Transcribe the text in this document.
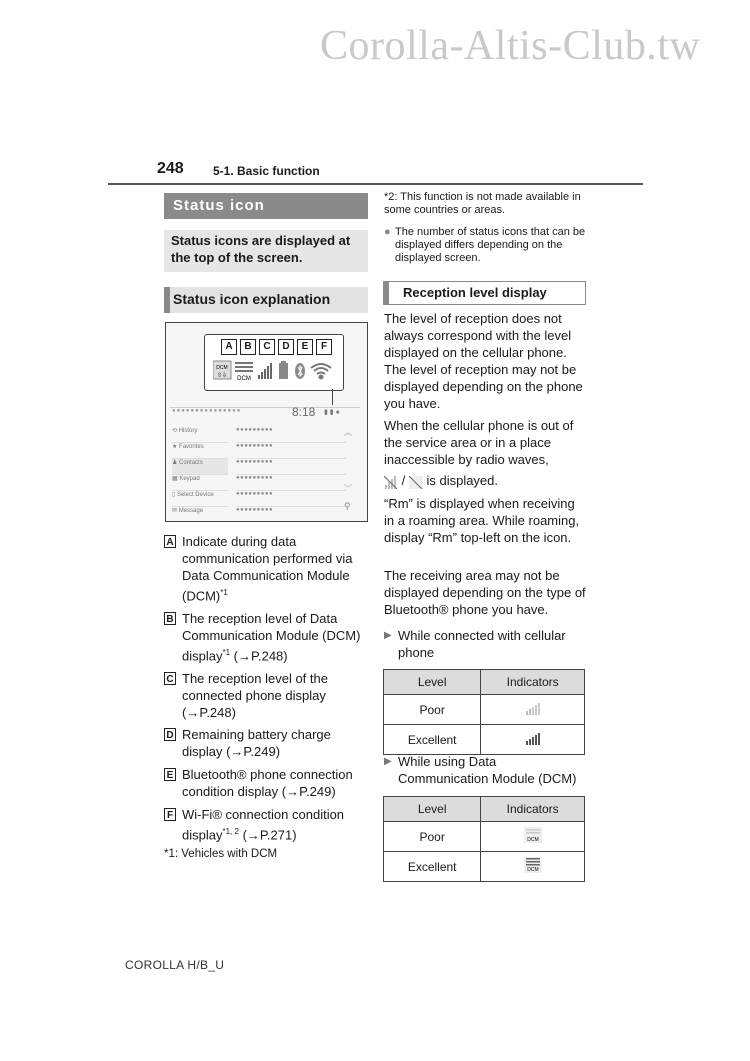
Corolla-Altis-Club.tw
248 5-1. Basic function
Status icon
Status icons are displayed at the top of the screen.
Status icon explanation
A	B	C	D	E	F
DCM
⇧⇩ DCM
●●●●●●●●●●●●●●●	8:18 ▮ ▮ ●
⟲ History
★ Favorites
♟ Contacts
▦ Keypad
▯ Select Device
✉ Message
●●●●●●●●●
●●●●●●●●●
●●●●●●●●●
●●●●●●●●●
●●●●●●●●●
●●●●●●●●●
︽
︾
⚲
A Indicate during data communication performed via Data Communication Module (DCM)$^{*1}$
B The reception level of Data Communication Module (DCM) display$^{*1}$ (→P.248)
C The reception level of the connected phone display (→P.248)
D Remaining battery charge display (→P.249)
E Bluetooth® phone connection condition display (→P.249)
F Wi-Fi® connection condition display$^{*1, 2}$ (→P.271)
*1: Vehicles with DCM
*2: This function is not made available in some countries or areas.
● The number of status icons that can be displayed differs depending on the displayed screen.
Reception level display
The level of reception does not always correspond with the level displayed on the cellular phone. The level of reception may not be displayed depending on the phone you have.
When the cellular phone is out of the service area or in a place inaccessible by radio waves,
/  is displayed.
“Rm” is displayed when receiving in a roaming area. While roaming, display “Rm” top-left on the icon.
The receiving area may not be displayed depending on the type of Bluetooth® phone you have.
▶ While connected with cellular phone
Level	Indicators
Poor	
Excellent	
▶ While using Data Communication Module (DCM)
Level	Indicators
Poor	DCM

Excellent	DCM
COROLLA H/B_U
